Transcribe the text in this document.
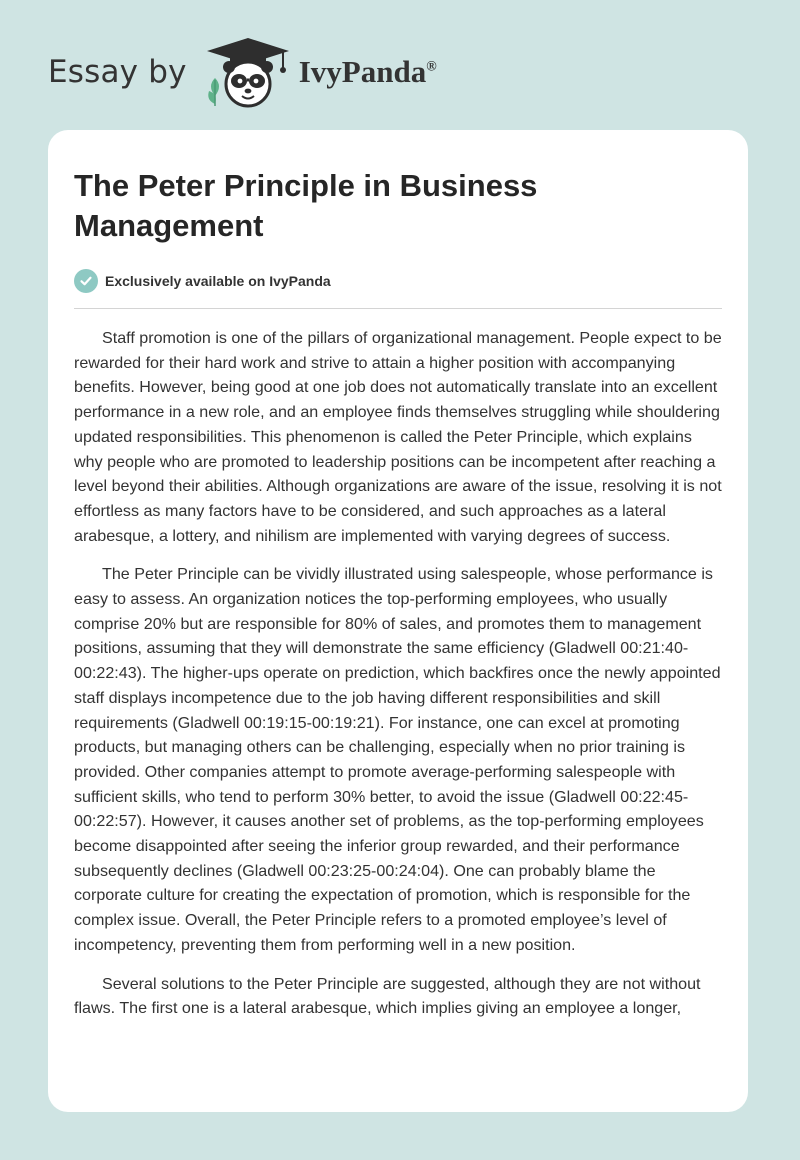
Essay by	IvyPanda®
The Peter Principle in Business Management
Exclusively available on IvyPanda

Staff promotion is one of the pillars of organizational management. People expect to be rewarded for their hard work and strive to attain a higher position with accompanying benefits. However, being good at one job does not automatically translate into an excellent performance in a new role, and an employee finds themselves struggling while shouldering updated responsibilities. This phenomenon is called the Peter Principle, which explains why people who are promoted to leadership positions can be incompetent after reaching a level beyond their abilities. Although organizations are aware of the issue, resolving it is not effortless as many factors have to be considered, and such approaches as a lateral arabesque, a lottery, and nihilism are implemented with varying degrees of success.

The Peter Principle can be vividly illustrated using salespeople, whose performance is easy to assess. An organization notices the top-performing employees, who usually comprise 20% but are responsible for 80% of sales, and promotes them to management positions, assuming that they will demonstrate the same efficiency (Gladwell 00:21:40-00:22:43). The higher-ups operate on prediction, which backfires once the newly appointed staff displays incompetence due to the job having different responsibilities and skill requirements (Gladwell 00:19:15-00:19:21). For instance, one can excel at promoting products, but managing others can be challenging, especially when no prior training is provided. Other companies attempt to promote average-performing salespeople with sufficient skills, who tend to perform 30% better, to avoid the issue (Gladwell 00:22:45-00:22:57). However, it causes another set of problems, as the top-performing employees become disappointed after seeing the inferior group rewarded, and their performance subsequently declines (Gladwell 00:23:25-00:24:04). One can probably blame the corporate culture for creating the expectation of promotion, which is responsible for the complex issue. Overall, the Peter Principle refers to a promoted employee’s level of incompetency, preventing them from performing well in a new position.

Several solutions to the Peter Principle are suggested, although they are not without flaws. The first one is a lateral arabesque, which implies giving an employee a longer,
